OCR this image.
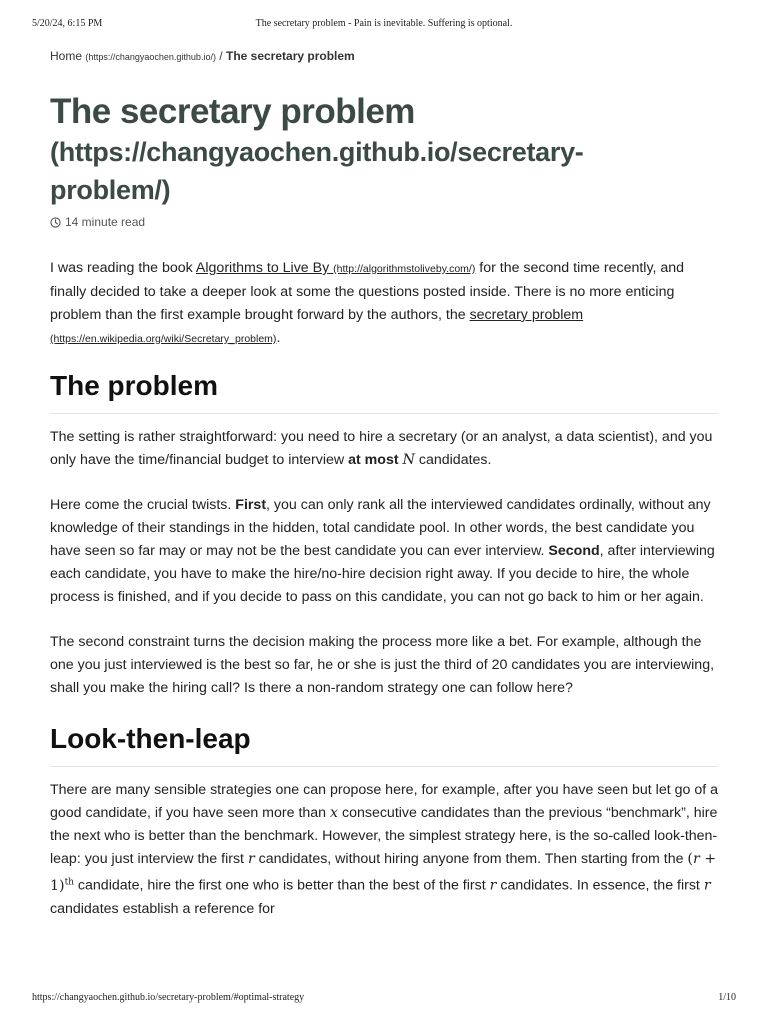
5/20/24, 6:15 PM	The secretary problem - Pain is inevitable. Suffering is optional.
Home (https://changyaochen.github.io/) / The secretary problem
The secretary problem
(https://changyaochen.github.io/secretary-
problem/)
14 minute read

I was reading the book Algorithms to Live By (http://algorithmstoliveby.com/) for the second time recently, and finally decided to take a deeper look at some the questions posted inside. There is no more enticing problem than the first example brought forward by the authors, the secretary problem (https://en.wikipedia.org/wiki/Secretary_problem).

The problem

The setting is rather straightforward: you need to hire a secretary (or an analyst, a data scientist), and you only have the time/financial budget to interview at most N candidates.

Here come the crucial twists. First, you can only rank all the interviewed candidates ordinally, without any knowledge of their standings in the hidden, total candidate pool. In other words, the best candidate you have seen so far may or may not be the best candidate you can ever interview. Second, after interviewing each candidate, you have to make the hire/no-hire decision right away. If you decide to hire, the whole process is finished, and if you decide to pass on this candidate, you can not go back to him or her again.

The second constraint turns the decision making the process more like a bet. For example, although the one you just interviewed is the best so far, he or she is just the third of 20 candidates you are interviewing, shall you make the hiring call? Is there a non-random strategy one can follow here?

Look-then-leap

There are many sensible strategies one can propose here, for example, after you have seen but let go of a good candidate, if you have seen more than x consecutive candidates than the previous “benchmark”, hire the next who is better than the benchmark. However, the simplest strategy here, is the so-called look-then-leap: you just interview the first r candidates, without hiring anyone from them. Then starting from the $(r + 1)^{th}$ candidate, hire the first one who is better than the best of the first r candidates. In essence, the first r candidates establish a reference for

https://changyaochen.github.io/secretary-problem/#optimal-strategy	1/10
